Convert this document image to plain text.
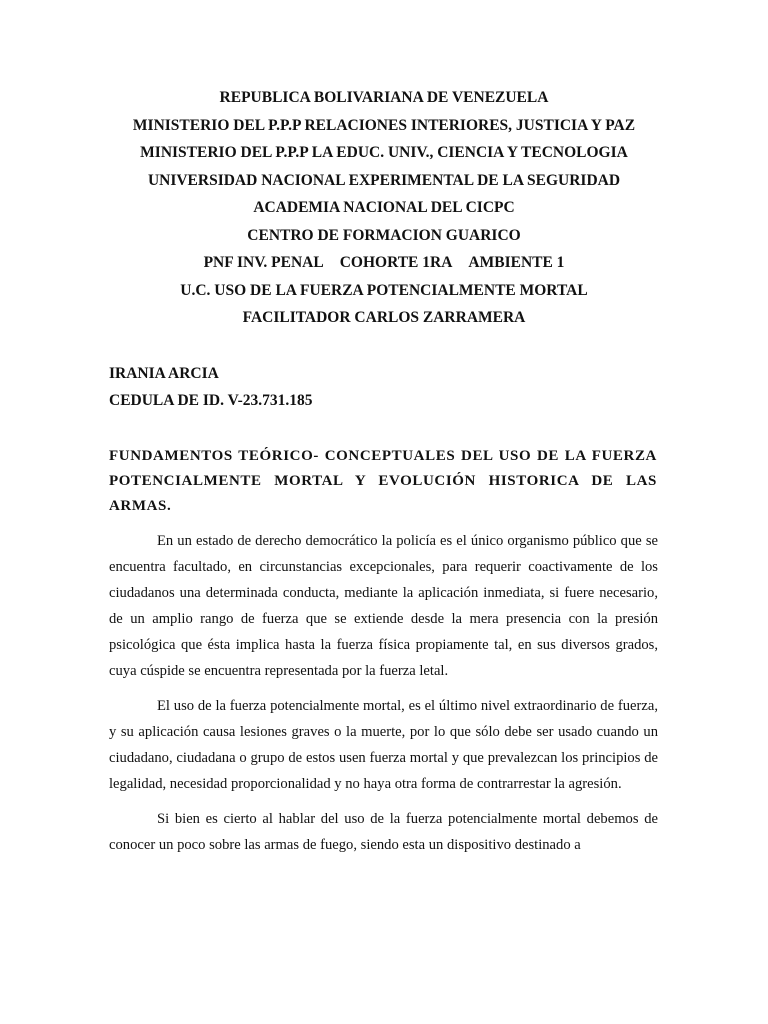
REPUBLICA BOLIVARIANA DE VENEZUELA
MINISTERIO DEL P.P.P RELACIONES INTERIORES, JUSTICIA Y PAZ
MINISTERIO DEL P.P.P LA EDUC. UNIV., CIENCIA Y TECNOLOGIA
UNIVERSIDAD NACIONAL EXPERIMENTAL DE LA SEGURIDAD
ACADEMIA NACIONAL DEL CICPC
CENTRO DE FORMACION GUARICO
PNF INV. PENAL COHORTE 1RA AMBIENTE 1
U.C. USO DE LA FUERZA POTENCIALMENTE MORTAL
FACILITADOR CARLOS ZARRAMERA
IRANIA ARCIA
CEDULA DE ID. V-23.731.185
FUNDAMENTOS TEÓRICO- CONCEPTUALES DEL USO DE LA FUERZA POTENCIALMENTE MORTAL Y EVOLUCIÓN HISTORICA DE LAS ARMAS.

En un estado de derecho democrático la policía es el único organismo público que se encuentra facultado, en circunstancias excepcionales, para requerir coactivamente de los ciudadanos una determinada conducta, mediante la aplicación inmediata, si fuere necesario, de un amplio rango de fuerza que se extiende desde la mera presencia con la presión psicológica que ésta implica hasta la fuerza física propiamente tal, en sus diversos grados, cuya cúspide se encuentra representada por la fuerza letal.

El uso de la fuerza potencialmente mortal, es el último nivel extraordinario de fuerza, y su aplicación causa lesiones graves o la muerte, por lo que sólo debe ser usado cuando un ciudadano, ciudadana o grupo de estos usen fuerza mortal y que prevalezcan los principios de legalidad, necesidad proporcionalidad y no haya otra forma de contrarrestar la agresión.

Si bien es cierto al hablar del uso de la fuerza potencialmente mortal debemos de conocer un poco sobre las armas de fuego, siendo esta un dispositivo destinado a
